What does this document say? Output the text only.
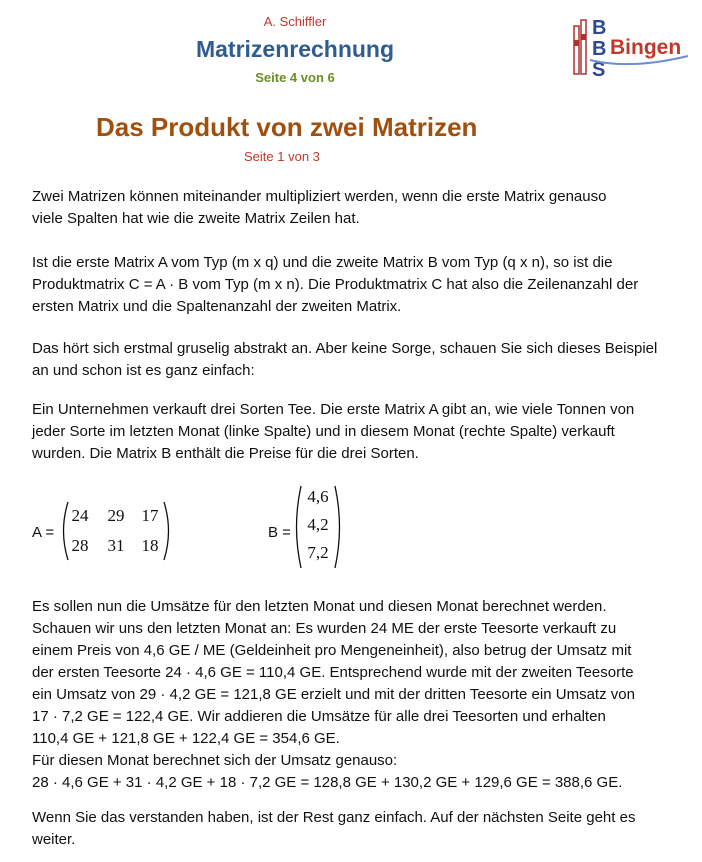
A. Schiffler
Matrizenrechnung
Seite 4 von 6
B
B
S
Bingen
Das Produkt von zwei Matrizen
Seite 1 von 3
Zwei Matrizen können miteinander multipliziert werden, wenn die erste Matrix genauso
viele Spalten hat wie die zweite Matrix Zeilen hat.
Ist die erste Matrix A vom Typ (m x q) und die zweite Matrix B vom Typ (q x n), so ist die
Produktmatrix C = A · B vom Typ (m x n). Die Produktmatrix C hat also die Zeilenanzahl der
ersten Matrix und die Spaltenanzahl der zweiten Matrix.
Das hört sich erstmal gruselig abstrakt an. Aber keine Sorge, schauen Sie sich dieses Beispiel
an und schon ist es ganz einfach:
Ein Unternehmen verkauft drei Sorten Tee. Die erste Matrix A gibt an, wie viele Tonnen von
jeder Sorte im letzten Monat (linke Spalte) und in diesem Monat (rechte Spalte) verkauft
wurden. Die Matrix B enthält die Preise für die drei Sorten.
A =
24	29	17
28	31	18
B =
4,6
4,2
7,2
Es sollen nun die Umsätze für den letzten Monat und diesen Monat berechnet werden.
Schauen wir uns den letzten Monat an: Es wurden 24 ME der erste Teesorte verkauft zu
einem Preis von 4,6 GE / ME (Geldeinheit pro Mengeneinheit), also betrug der Umsatz mit
der ersten Teesorte 24 · 4,6 GE = 110,4 GE. Entsprechend wurde mit der zweiten Teesorte
ein Umsatz von 29 · 4,2 GE = 121,8 GE erzielt und mit der dritten Teesorte ein Umsatz von
17 · 7,2 GE = 122,4 GE. Wir addieren die Umsätze für alle drei Teesorten und erhalten
110,4 GE + 121,8 GE + 122,4 GE = 354,6 GE.
Für diesen Monat berechnet sich der Umsatz genauso:
28 · 4,6 GE + 31 · 4,2 GE + 18 · 7,2 GE = 128,8 GE + 130,2 GE + 129,6 GE = 388,6 GE.
Wenn Sie das verstanden haben, ist der Rest ganz einfach. Auf der nächsten Seite geht es
weiter.
